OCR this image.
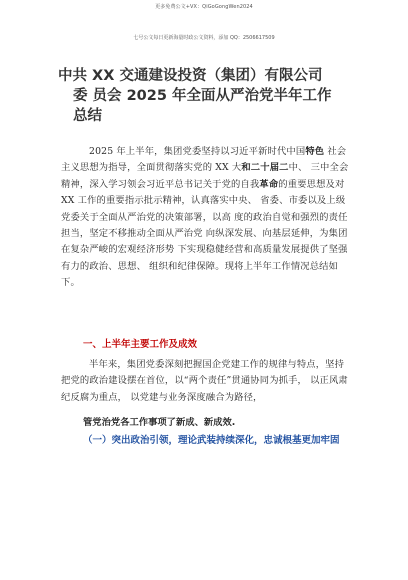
更多免费公文+VX：QiGoGongWen2024
七号公文每日更新海量时政公文资料，添加 QQ：2506617509
中共 XX 交通建设投资（集团）有限公司
委 员会 2025 年全面从严治党半年工作
总结
2025 年上半年，集团党委坚持以习近平新时代中国特色 社会主义思想为指导，全面贯彻落实党的 XX 大和二十届二中、 三中全会精神，深入学习领会习近平总书记关于党的自我革命的重要思想及对 XX 工作的重要指示批示精神，认真落实中央、 省委、市委以及上级党委关于全面从严治党的决策部署，以高 度的政治自觉和强烈的责任担当，坚定不移推动全面从严治党 向纵深发展、向基层延伸，为集团在复杂严峻的宏观经济形势 下实现稳健经营和高质量发展提供了坚强有力的政治、思想、 组织和纪律保障。现将上半年工作情况总结如下。
一、上半年主要工作及成效
半年来，集团党委深刻把握国企党建工作的规律与特点，坚持把党的政治建设摆在首位，以“两个责任”贯通协同为抓手， 以正风肃纪反腐为重点， 以党建与业务深度融合为路径，
管党治党各工作事项了新成、新成效.
（一）突出政治引领，理论武装持续深化，忠诚根基更加牢固
